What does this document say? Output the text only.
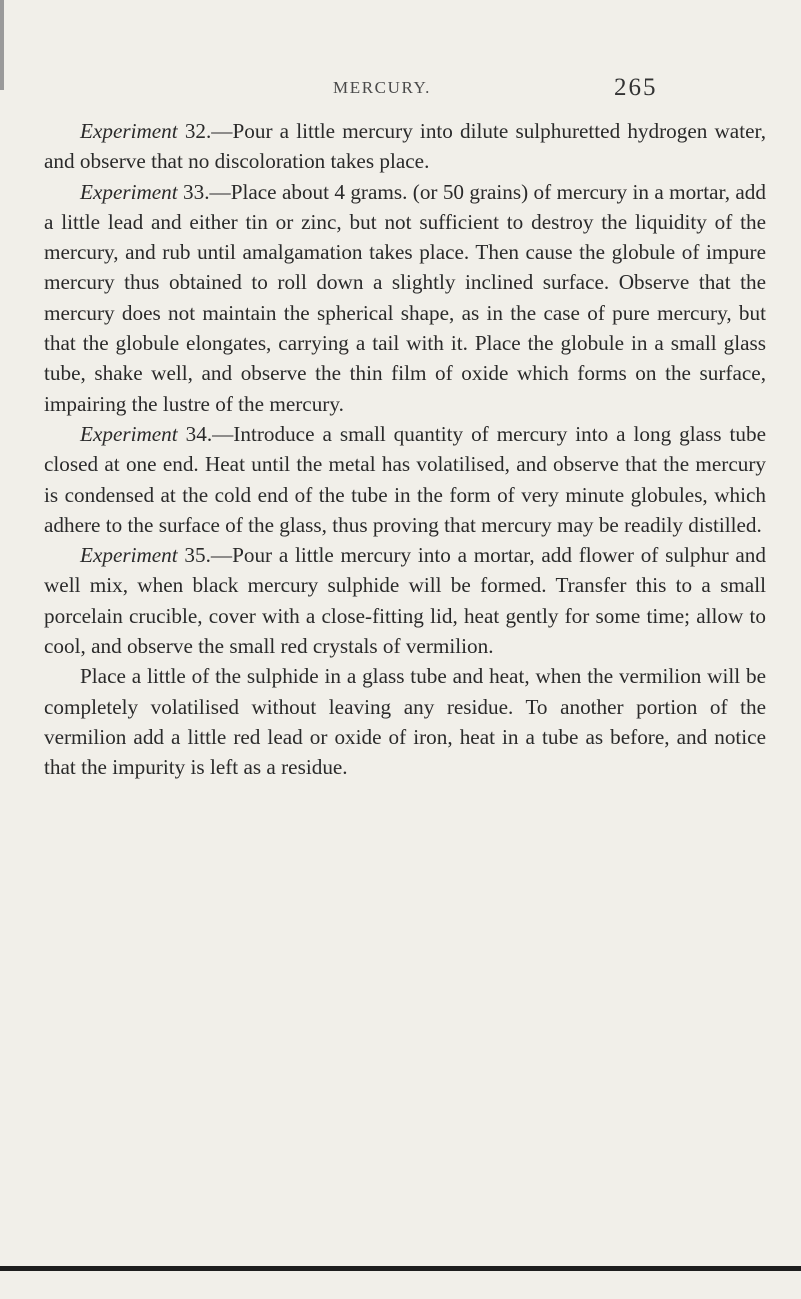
MERCURY.	265

Experiment 32.—Pour a little mercury into dilute sulphuretted hydrogen water, and observe that no discoloration takes place.

Experiment 33.—Place about 4 grams. (or 50 grains) of mercury in a mortar, add a little lead and either tin or zinc, but not sufficient to destroy the liquidity of the mercury, and rub until amalgamation takes place. Then cause the globule of impure mercury thus obtained to roll down a slightly inclined surface. Observe that the mercury does not maintain the spherical shape, as in the case of pure mercury, but that the globule elongates, carrying a tail with it. Place the globule in a small glass tube, shake well, and observe the thin film of oxide which forms on the surface, impairing the lustre of the mercury.

Experiment 34.—Introduce a small quantity of mercury into a long glass tube closed at one end. Heat until the metal has volatilised, and observe that the mercury is condensed at the cold end of the tube in the form of very minute globules, which adhere to the surface of the glass, thus proving that mercury may be readily distilled.

Experiment 35.—Pour a little mercury into a mortar, add flower of sulphur and well mix, when black mercury sulphide will be formed. Transfer this to a small porcelain crucible, cover with a close-fitting lid, heat gently for some time; allow to cool, and observe the small red crystals of vermilion.

Place a little of the sulphide in a glass tube and heat, when the vermilion will be completely volatilised without leaving any residue. To another portion of the vermilion add a little red lead or oxide of iron, heat in a tube as before, and notice that the impurity is left as a residue.
